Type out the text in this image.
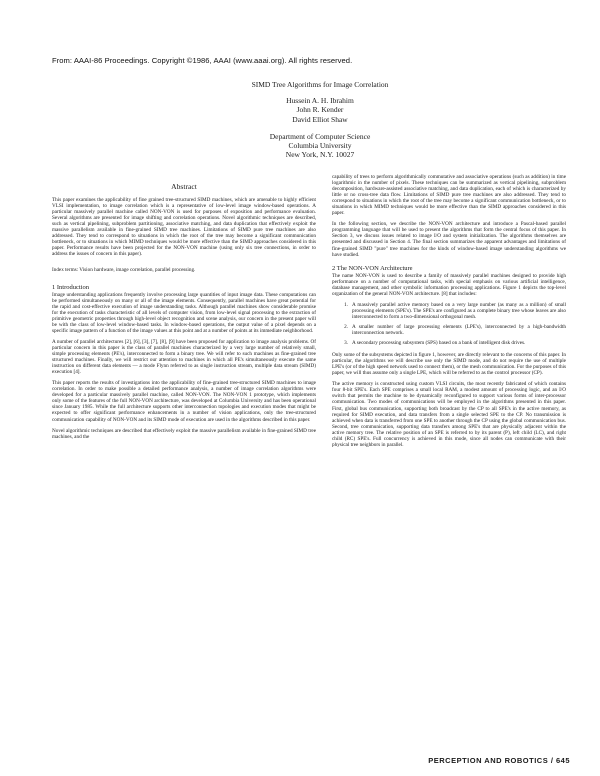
From: AAAI-86 Proceedings. Copyright ©1986, AAAI (www.aaai.org). All rights reserved.
SIMD Tree Algorithms for Image Correlation
Hussein A. H. Ibrahim
John R. Kender
David Elliot Shaw
Department of Computer Science
Columbia University
New York, N.Y. 10027
Abstract

This paper examines the applicability of fine grained tree-structured SIMD machines, which are amenable to highly efficient VLSI implementation, to image correlation which is a representative of low-level image window-based operations. A particular massively parallel machine called NON-VON is used for purposes of exposition and performance evaluation. Several algorithms are presented for image shifting and correlation operations. Novel algorithmic techniques are described, such as vertical pipelining, subproblem partitioning, associative matching, and data duplication that effectively exploit the massive parallelism available in fine-grained SIMD tree machines. Limitations of SIMD pure tree machines are also addressed. They tend to correspond to situations in which the root of the tree may become a significant communication bottleneck, or to situations in which MIMD techniques would be more effective than the SIMD approaches considered in this paper. Performance results have been projected for the NON-VON machine (using only six tree connections, in order to address the issues of concern in this paper).

Index terms: Vision hardware, image correlation, parallel processing.
1 Introduction

Image understanding applications frequently involve processing large quantities of input image data. These computations can be performed simultaneously on many or all of the image elements. Consequently, parallel machines have great potential for the rapid and cost-effective execution of image understanding tasks. Although parallel machines show considerable promise for the execution of tasks characteristic of all levels of computer vision, from low-level signal processing to the extraction of primitive geometric properties through high-level object recognition and scene analysis, our concern in the present paper will be with the class of low-level window-based tasks. In window-based operations, the output value of a pixel depends on a specific image pattern of a function of the image values at this point and at a number of points at its immediate neighborhood.

A number of parallel architectures [2], [6], [3], [7], [8], [9] have been proposed for application to image analysis problems. Of particular concern in this paper is the class of parallel machines characterized by a very large number of relatively small, simple processing elements (PE's), interconnected to form a binary tree. We will refer to such machines as fine-grained tree structured machines. Finally, we will restrict our attention to machines in which all PE's simultaneously execute the same instruction on different data elements — a mode Flynn referred to as single instruction stream, multiple data stream (SIMD) execution [4].

This paper reports the results of investigations into the applicability of fine-grained tree-structured SIMD machines to image correlation. In order to make possible a detailed performance analysis, a number of image correlation algorithms were developed for a particular massively parallel machine, called NON-VON. The NON-VON 1 prototype, which implements only some of the features of the full NON-VON architecture, was developed at Columbia University and has been operational since January 1985. While the full architecture supports other interconnection topologies and execution modes that might be expected to offer significant performance enhancements in a number of vision applications, only the tree-structured communication capability of NON-VON and its SIMD mode of execution are used in the algorithms described in this paper.

Novel algorithmic techniques are described that effectively exploit the massive parallelism available in fine-grained SIMD tree machines, and the

capability of trees to perform algorithmically commutative and associative operations (such as addition) in time logarithmic in the number of pixels. These techniques can be summarized as vertical pipelining, subproblem decomposition, hardware-assisted associative matching, and data duplication, each of which is characterized by little or no cross-tree data flow. Limitations of SIMD pure tree machines are also addressed. They tend to correspond to situations in which the root of the tree may become a significant communication bottleneck, or to situations in which MIMD techniques would be more effective than the SIMD approaches considered in this paper.

In the following section, we describe the NON-VON architecture and introduce a Pascal-based parallel programming language that will be used to present the algorithms that form the central focus of this paper. In Section 3, we discuss issues related to image I/O and system initialization. The algorithms themselves are presented and discussed in Section 4. The final section summarizes the apparent advantages and limitations of fine-grained SIMD "pure" tree machines for the kinds of window-based image understanding algorithms we have studied.

2 The NON-VON Architecture

The name NON-VON is used to describe a family of massively parallel machines designed to provide high performance on a number of computational tasks, with special emphasis on various artificial intelligence, database management, and other symbolic information processing applications. Figure 1 depicts the top-level organization of the general NON-VON architecture. [8] that includes:

1. A massively parallel active memory based on a very large number (as many as a million) of small processing elements (SPE's). The SPE's are configured as a complete binary tree whose leaves are also interconnected to form a two-dimensional orthogonal mesh.
2. A smaller number of large processing elements (LPE's), interconnected by a high-bandwidth interconnection network.
3. A secondary processing subsystem (SPS) based on a bank of intelligent disk drives.

Only some of the subsystems depicted in figure 1, however, are directly relevant to the concerns of this paper. In particular, the algorithms we will describe use only the SIMD mode, and do not require the use of multiple LPE's (or of the high speed network used to connect them), or the mesh communication. For the purposes of this paper, we will thus assume only a single LPE, which will be referred to as the control processor (CP).

The active memory is constructed using custom VLSI circuits, the most recently fabricated of which contains four 8-bit SPE's. Each SPE comprises a small local RAM, a modest amount of processing logic, and an I/O switch that permits the machine to be dynamically reconfigured to support various forms of inter-processor communication. Two modes of communications will be employed in the algorithms presented in this paper. First, global bus communication, supporting both broadcast by the CP to all SPE's in the active memory, as required for SIMD execution, and data transfers from a single selected SPE to the CP. No transmission is achieved when data is transferred from one SPE to another through the CP using the global communication bus. Second, tree communication, supporting data transfers among SPE's that are physically adjacent within the active memory tree. The relative position of an SPE is referred to by its parent (P), left child (LC), and right child (RC) SPE's. Full concurrency is achieved in this mode, since all nodes can communicate with their physical tree neighbors in parallel.

PERCEPTION AND ROBOTICS / 645
